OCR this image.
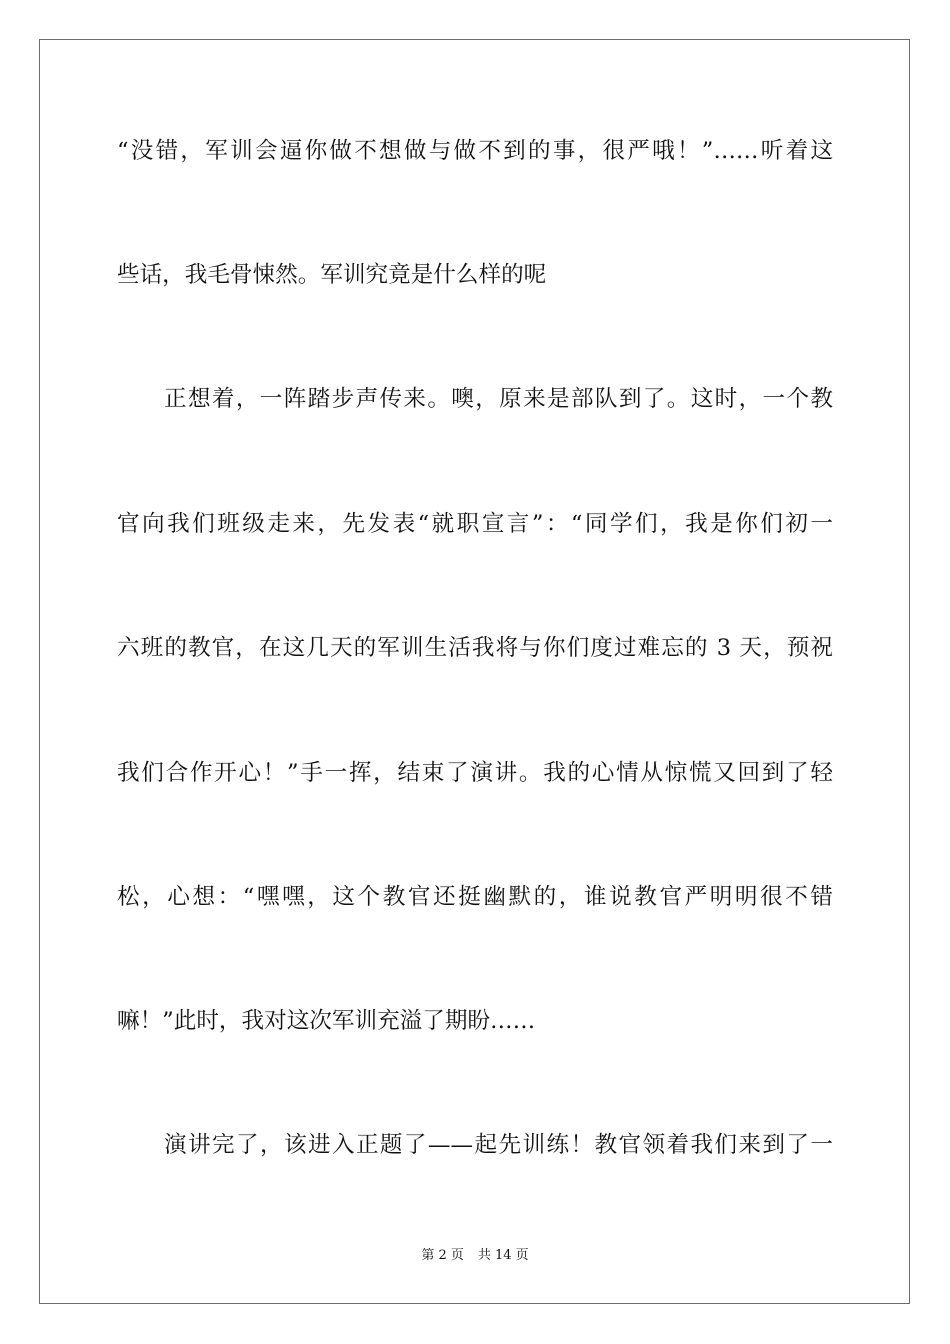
“没错，军训会逼你做不想做与做不到的事，很严哦！”……听着这
些话，我毛骨悚然。军训究竟是什么样的呢
正想着，一阵踏步声传来。噢，原来是部队到了。这时，一个教
官向我们班级走来，先发表“就职宣言”：“同学们，我是你们初一
六班的教官，在这几天的军训生活我将与你们度过难忘的 3 天，预祝
我们合作开心！”手一挥，结束了演讲。我的心情从惊慌又回到了轻
松，心想：“嘿嘿，这个教官还挺幽默的，谁说教官严明明很不错
嘛！”此时，我对这次军训充溢了期盼……
演讲完了，该进入正题了——起先训练！教官领着我们来到了一
第 2 页 共 14 页
